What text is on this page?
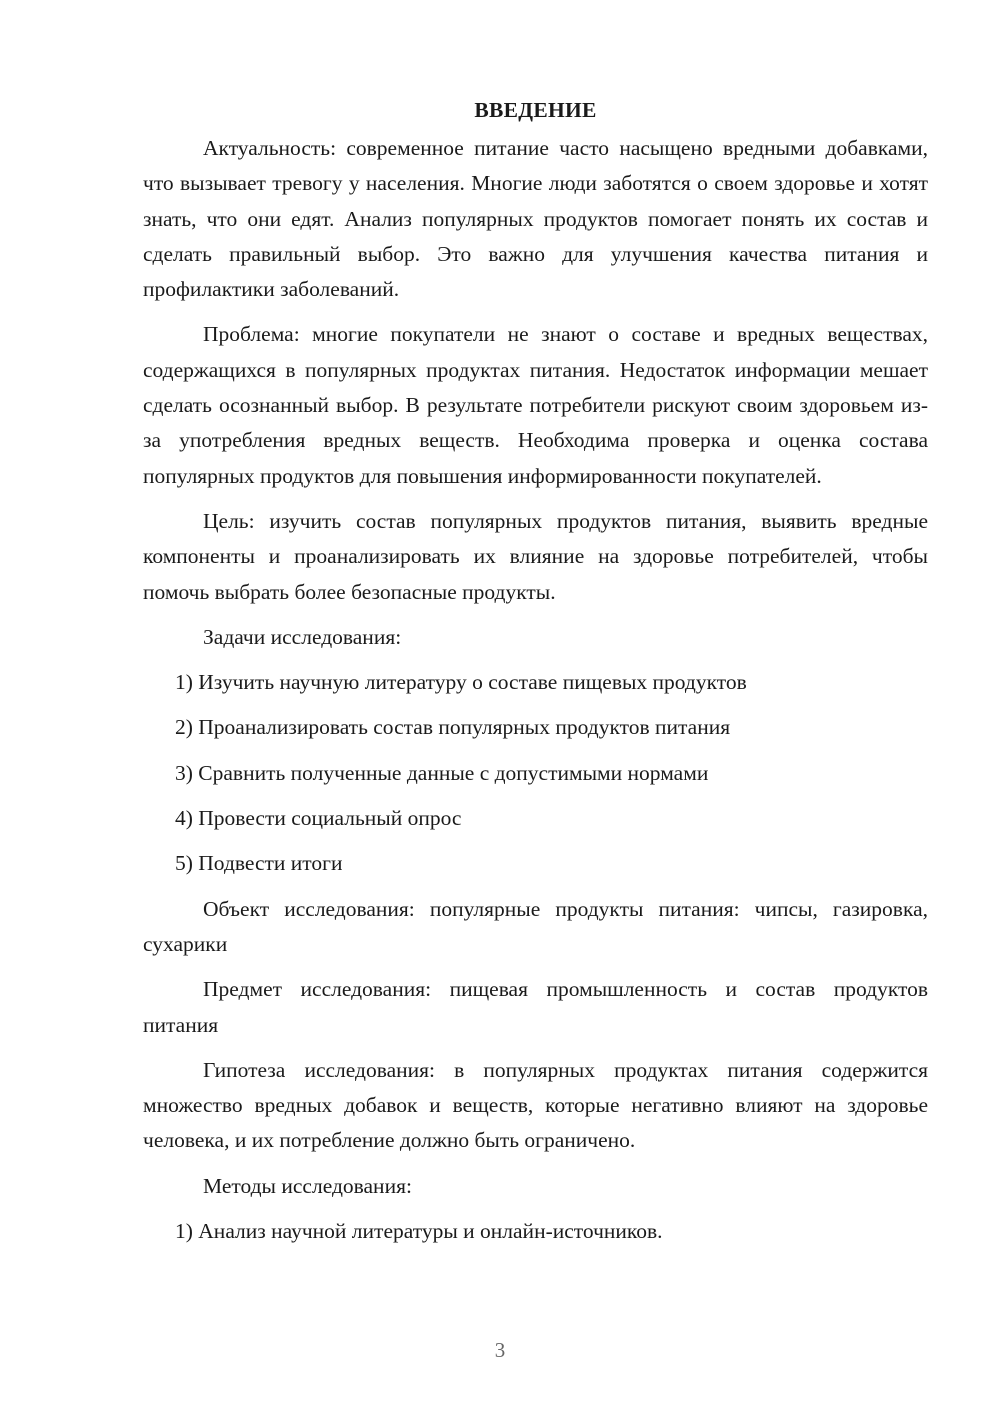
ВВЕДЕНИЕ

Актуальность: современное питание часто насыщено вредными добавками, что вызывает тревогу у населения. Многие люди заботятся о своем здоровье и хотят знать, что они едят. Анализ популярных продуктов помогает понять их состав и сделать правильный выбор. Это важно для улучшения качества питания и профилактики заболеваний.

Проблема: многие покупатели не знают о составе и вредных веществах, содержащихся в популярных продуктах питания. Недостаток информации мешает сделать осознанный выбор. В результате потребители рискуют своим здоровьем из-за употребления вредных веществ. Необходима проверка и оценка состава популярных продуктов для повышения информированности покупателей.

Цель: изучить состав популярных продуктов питания, выявить вредные компоненты и проанализировать их влияние на здоровье потребителей, чтобы помочь выбрать более безопасные продукты.

Задачи исследования:

1) Изучить научную литературу о составе пищевых продуктов
2) Проанализировать состав популярных продуктов питания
3) Сравнить полученные данные с допустимыми нормами
4) Провести социальный опрос
5) Подвести итоги

Объект исследования: популярные продукты питания: чипсы, газировка, сухарики

Предмет исследования: пищевая промышленность и состав продуктов питания

Гипотеза исследования: в популярных продуктах питания содержится множество вредных добавок и веществ, которые негативно влияют на здоровье человека, и их потребление должно быть ограничено.

Методы исследования:

1) Анализ научной литературы и онлайн-источников.
3
